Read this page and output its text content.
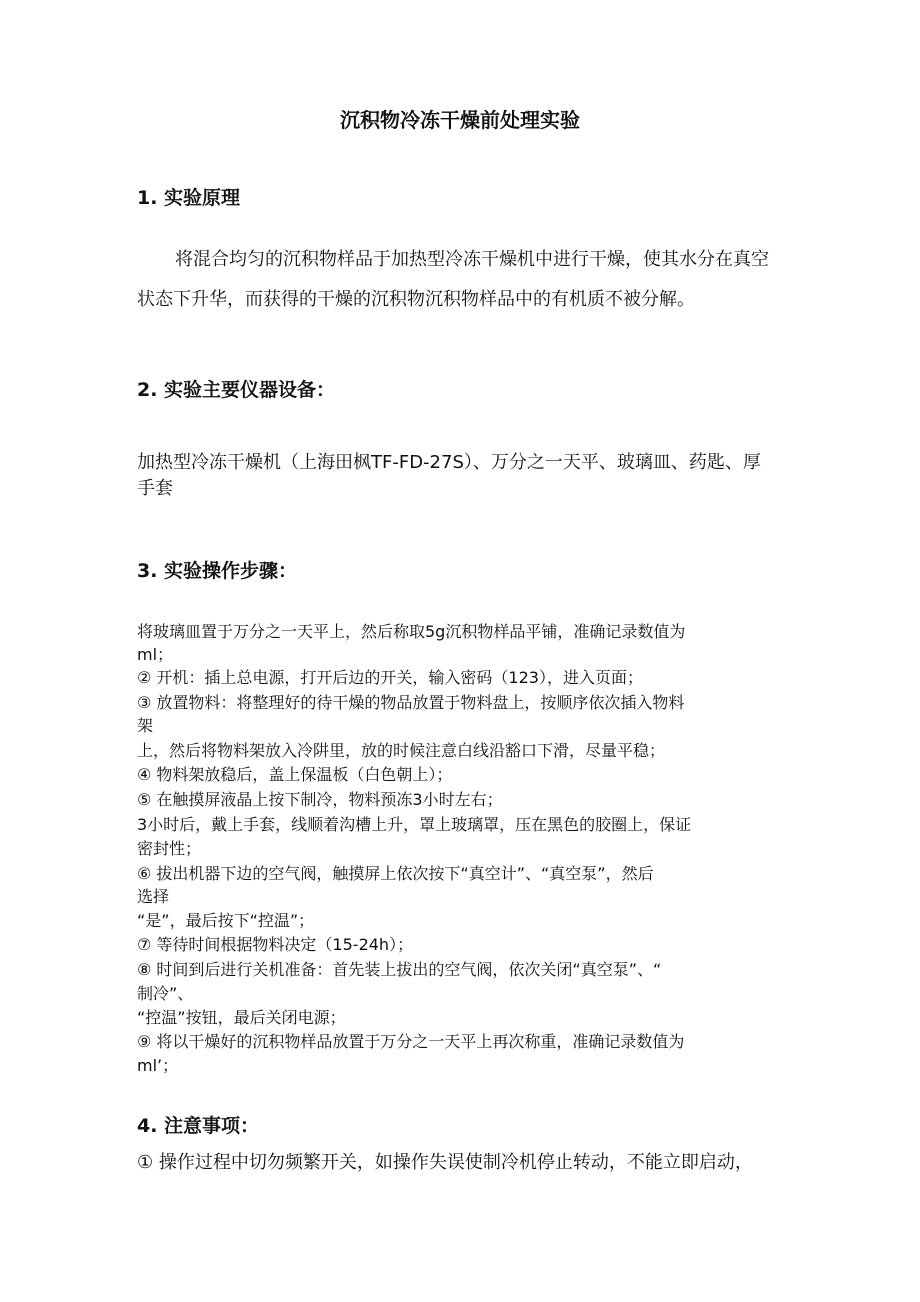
沉积物冷冻干燥前处理实验
1. 实验原理
将混合均匀的沉积物样品于加热型冷冻干燥机中进行干燥，使其水分在真空
状态下升华，而获得的干燥的沉积物沉积物样品中的有机质不被分解。
2. 实验主要仪器设备：
加热型冷冻干燥机（上海田枫TF-FD-27S）、万分之一天平、玻璃皿、药匙、厚
手套
3. 实验操作步骤：
将玻璃皿置于万分之一天平上，然后称取5g沉积物样品平铺，准确记录数值为
ml；
② 开机：插上总电源，打开后边的开关，输入密码（123），进入页面；
③ 放置物料：将整理好的待干燥的物品放置于物料盘上，按顺序依次插入物料
架
上，然后将物料架放入冷阱里，放的时候注意白线沿豁口下滑，尽量平稳；
④ 物料架放稳后，盖上保温板（白色朝上）；
⑤ 在触摸屏液晶上按下制冷，物料预冻3小时左右；
3小时后，戴上手套，线顺着沟槽上升，罩上玻璃罩，压在黑色的胶圈上，保证
密封性；
⑥ 拔出机器下边的空气阀，触摸屏上依次按下“真空计”、“真空泵”，然后
选择
“是”，最后按下“控温”；
⑦ 等待时间根据物料决定（15-24h）；
⑧ 时间到后进行关机准备：首先装上拔出的空气阀，依次关闭“真空泵”、“
制冷”、
“控温”按钮，最后关闭电源；
⑨ 将以干燥好的沉积物样品放置于万分之一天平上再次称重，准确记录数值为
ml’；
4. 注意事项：
① 操作过程中切勿频繁开关，如操作失误使制冷机停止转动，不能立即启动，
